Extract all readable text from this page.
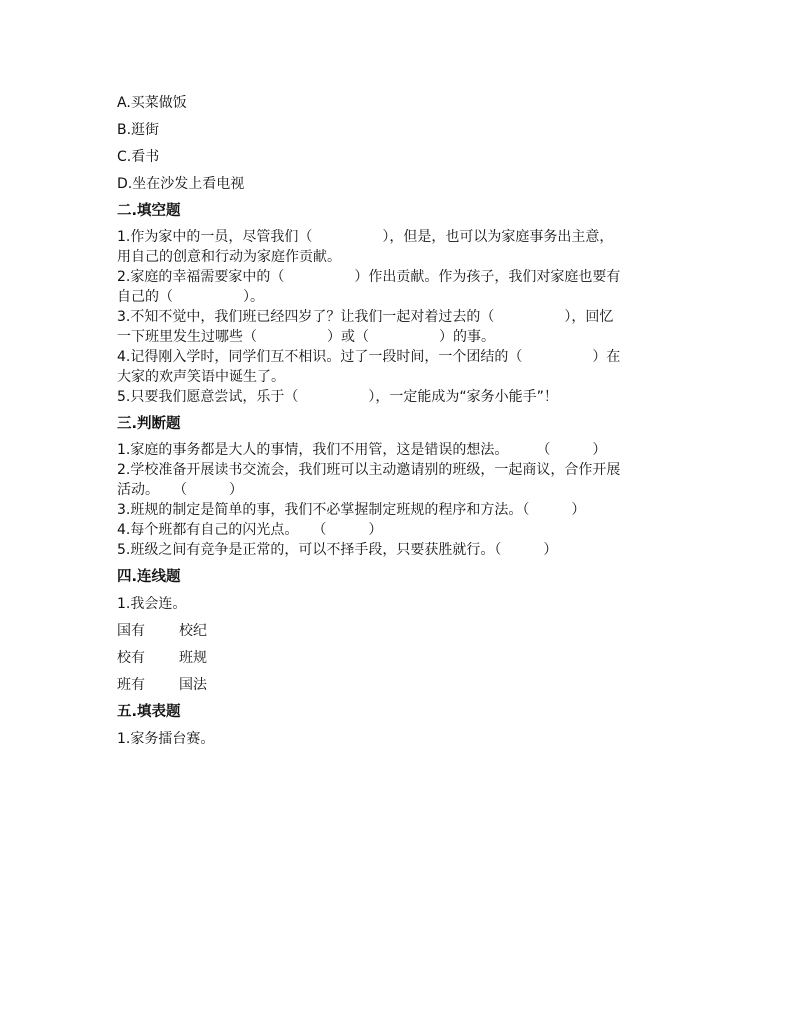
A.买菜做饭
B.逛街
C.看书
D.坐在沙发上看电视
二.填空题
1.作为家中的一员，尽管我们（　　　　　），但是，也可以为家庭事务出主意，
用自己的创意和行动为家庭作贡献。
2.家庭的幸福需要家中的（　　　　　）作出贡献。作为孩子，我们对家庭也要有
自己的（　　　　　）。
3.不知不觉中，我们班已经四岁了？让我们一起对着过去的（　　　　　），回忆
一下班里发生过哪些（　　　　　）或（　　　　　）的事。
4.记得刚入学时，同学们互不相识。过了一段时间，一个团结的（　　　　　）在
大家的欢声笑语中诞生了。
5.只要我们愿意尝试，乐于（　　　　　），一定能成为“家务小能手”！
三.判断题
1.家庭的事务都是大人的事情，我们不用管，这是错误的想法。　　　（　　　）
2.学校准备开展读书交流会，我们班可以主动邀请别的班级，一起商议，合作开展
活动。　　（　　　）
3.班规的制定是简单的事，我们不必掌握制定班规的程序和方法。（　　　）
4.每个班都有自己的闪光点。　　（　　　）
5.班级之间有竞争是正常的，可以不择手段，只要获胜就行。（　　　）
四.连线题
1.我会连。
国有 校纪
校有 班规
班有 国法
五.填表题
1.家务擂台赛。
